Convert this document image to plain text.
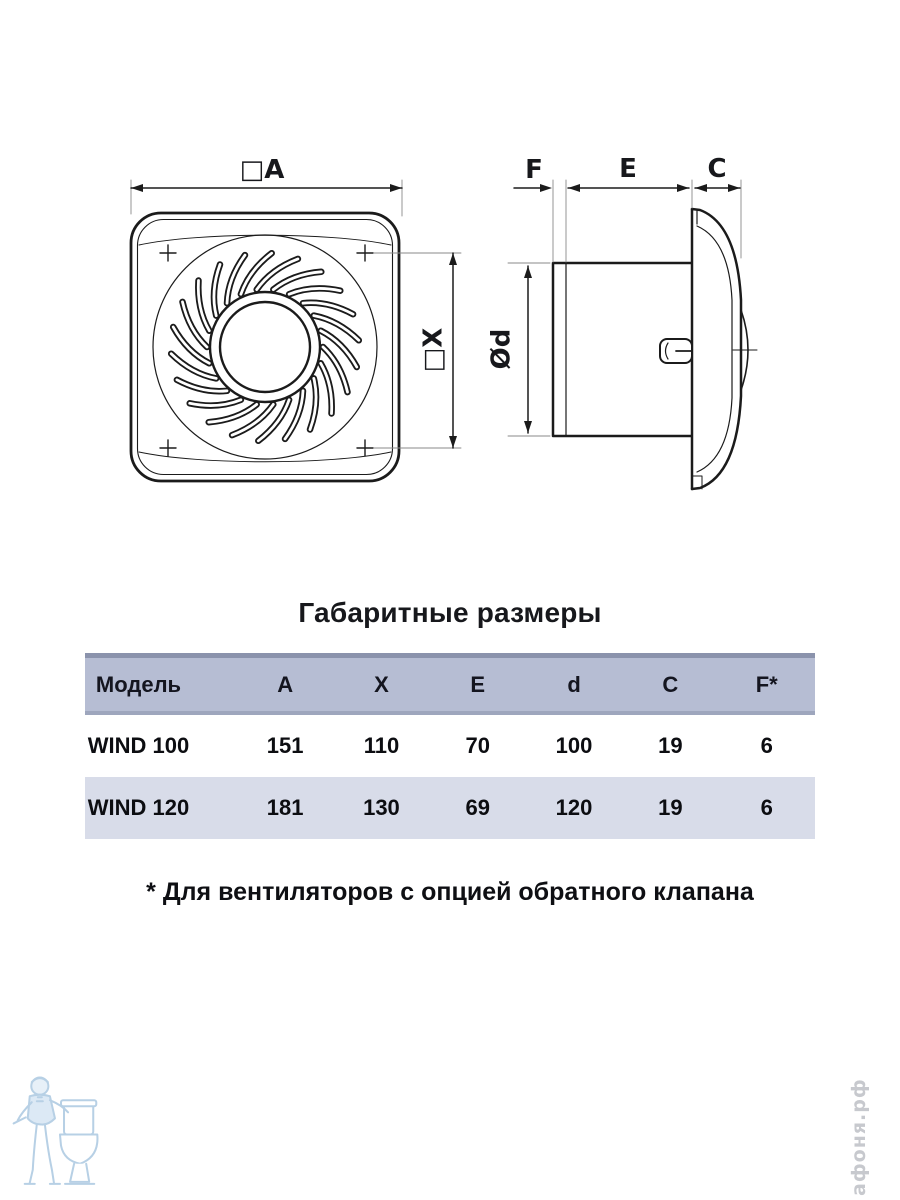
□A
□X
F	E	C
Ød
Габаритные размеры
Модель	A	X	E	d	C	F*
WIND 100	151	110	70	100	19	6
WIND 120	181	130	69	120	19	6
* Для вентиляторов с опцией обратного клапана
афоня.рф
